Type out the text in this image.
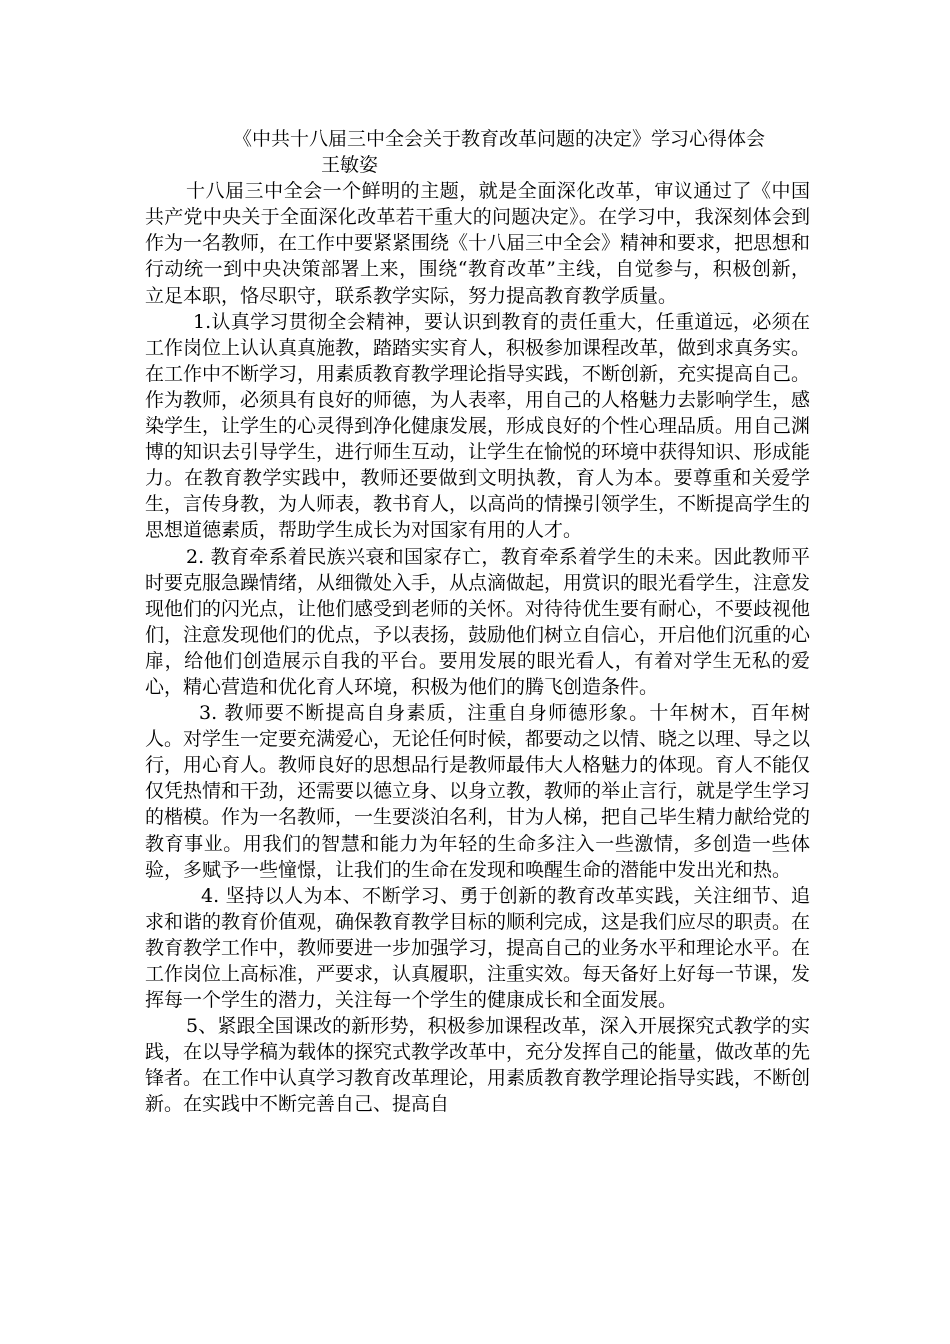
《中共十八届三中全会关于教育改革问题的决定》学习心得体会
王敏姿

十八届三中全会一个鲜明的主题，就是全面深化改革，审议通过了《中国共产党中央关于全面深化改革若干重大的问题决定》。在学习中，我深刻体会到作为一名教师，在工作中要紧紧围绕《十八届三中全会》精神和要求，把思想和行动统一到中央决策部署上来，围绕“教育改革”主线，自觉参与，积极创新，立足本职，恪尽职守，联系教学实际，努力提高教育教学质量。

1.认真学习贯彻全会精神，要认识到教育的责任重大，任重道远，必须在工作岗位上认认真真施教，踏踏实实育人，积极参加课程改革，做到求真务实。在工作中不断学习，用素质教育教学理论指导实践，不断创新，充实提高自己。作为教师，必须具有良好的师德，为人表率，用自己的人格魅力去影响学生，感染学生，让学生的心灵得到净化健康发展，形成良好的个性心理品质。用自己渊博的知识去引导学生，进行师生互动，让学生在愉悦的环境中获得知识、形成能力。在教育教学实践中，教师还要做到文明执教，育人为本。要尊重和关爱学生，言传身教，为人师表，教书育人，以高尚的情操引领学生，不断提高学生的思想道德素质，帮助学生成长为对国家有用的人才。

2. 教育牵系着民族兴衰和国家存亡，教育牵系着学生的未来。因此教师平时要克服急躁情绪，从细微处入手，从点滴做起，用赏识的眼光看学生，注意发现他们的闪光点，让他们感受到老师的关怀。对待待优生要有耐心，不要歧视他们，注意发现他们的优点，予以表扬，鼓励他们树立自信心，开启他们沉重的心扉，给他们创造展示自我的平台。要用发展的眼光看人，有着对学生无私的爱心，精心营造和优化育人环境，积极为他们的腾飞创造条件。

3. 教师要不断提高自身素质，注重自身师德形象。十年树木，百年树人。对学生一定要充满爱心，无论任何时候，都要动之以情、晓之以理、导之以行，用心育人。教师良好的思想品行是教师最伟大人格魅力的体现。育人不能仅仅凭热情和干劲，还需要以德立身、以身立教，教师的举止言行，就是学生学习的楷模。作为一名教师，一生要淡泊名利，甘为人梯，把自己毕生精力献给党的教育事业。用我们的智慧和能力为年轻的生命多注入一些激情，多创造一些体验，多赋予一些憧憬，让我们的生命在发现和唤醒生命的潜能中发出光和热。

4. 坚持以人为本、不断学习、勇于创新的教育改革实践，关注细节、追求和谐的教育价值观，确保教育教学目标的顺利完成，这是我们应尽的职责。在教育教学工作中，教师要进一步加强学习，提高自己的业务水平和理论水平。在工作岗位上高标准，严要求，认真履职，注重实效。每天备好上好每一节课，发挥每一个学生的潜力，关注每一个学生的健康成长和全面发展。

5、紧跟全国课改的新形势，积极参加课程改革，深入开展探究式教学的实践，在以导学稿为载体的探究式教学改革中，充分发挥自己的能量，做改革的先锋者。在工作中认真学习教育改革理论，用素质教育教学理论指导实践，不断创新。在实践中不断完善自己、提高自
